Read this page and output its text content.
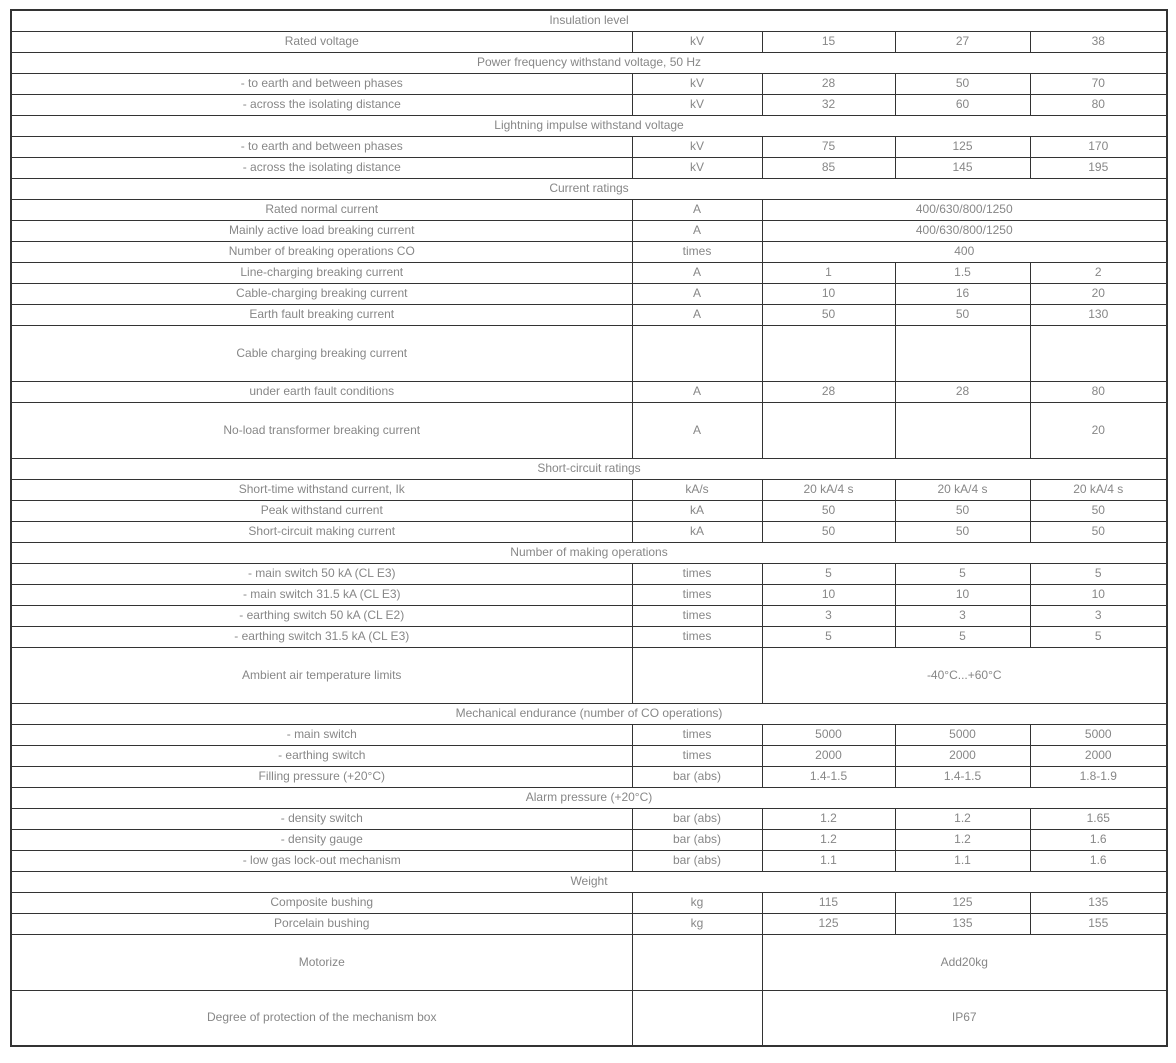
Insulation level				
Rated voltage	kV	15	27	38
Power frequency withstand voltage, 50 Hz				
- to earth and between phases	kV	28	50	70
- across the isolating distance	kV	32	60	80
Lightning impulse withstand voltage				
- to earth and between phases	kV	75	125	170
- across the isolating distance	kV	85	145	195
Current ratings				
Rated normal current	A	400/630/800/1250		
Mainly active load breaking current	A	400/630/800/1250		
Number of breaking operations CO	times	400		
Line-charging breaking current	A	1	1.5	2
Cable-charging breaking current	A	10	16	20
Earth fault breaking current	A	50	50	130
Cable charging breaking current				
under earth fault conditions	A	28	28	80
No-load transformer breaking current	A			20
Short-circuit ratings				
Short-time withstand current, Ik	kA/s	20 kA/4 s	20 kA/4 s	20 kA/4 s
Peak withstand current	kA	50	50	50
Short-circuit making current	kA	50	50	50
Number of making operations				
- main switch 50 kA (CL E3)	times	5	5	5
- main switch 31.5 kA (CL E3)	times	10	10	10
- earthing switch 50 kA (CL E2)	times	3	3	3
- earthing switch 31.5 kA (CL E3)	times	5	5	5
Ambient air temperature limits		-40°C...+60°C		
Mechanical endurance (number of CO operations)				
- main switch	times	5000	5000	5000
- earthing switch	times	2000	2000	2000
Filling pressure (+20°C)	bar (abs)	1.4-1.5	1.4-1.5	1.8-1.9
Alarm pressure (+20°C)				
- density switch	bar (abs)	1.2	1.2	1.65
- density gauge	bar (abs)	1.2	1.2	1.6
- low gas lock-out mechanism	bar (abs)	1.1	1.1	1.6
Weight				
Composite bushing	kg	115	125	135
Porcelain bushing	kg	125	135	155
Motorize		Add20kg		
Degree of protection of the mechanism box		IP67		
